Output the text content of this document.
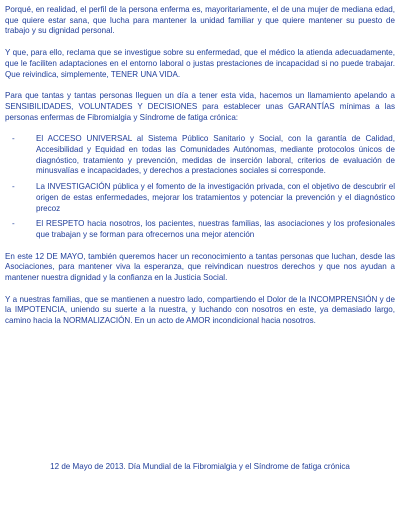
Porqué, en realidad, el perfil de la persona enferma es, mayoritariamente, el de una mujer de mediana edad, que quiere estar sana, que lucha para mantener la unidad familiar y que quiere mantener su puesto de trabajo y su dignidad personal.

Y que, para ello, reclama que se investigue sobre su enfermedad, que el médico la atienda adecuadamente, que le faciliten adaptaciones en el entorno laboral o justas prestaciones de incapacidad si no puede trabajar. Que reivindica, simplemente, TENER UNA VIDA.

Para que tantas y tantas personas lleguen un día a tener esta vida, hacemos un llamamiento apelando a SENSIBILIDADES, VOLUNTADES Y DECISIONES para establecer unas GARANTÍAS mínimas a las personas enfermas de Fibromialgia y Síndrome de fatiga crónica:

-	El ACCESO UNIVERSAL al Sistema Público Sanitario y Social, con la garantía de Calidad, Accesibilidad y Equidad en todas las Comunidades Autónomas, mediante protocolos únicos de diagnóstico, tratamiento y prevención, medidas de inserción laboral, criterios de evaluación de minusvalías e incapacidades, y derechos a prestaciones sociales si corresponde.
-	La INVESTIGACIÓN pública y el fomento de la investigación privada, con el objetivo de descubrir el origen de estas enfermedades, mejorar los tratamientos y potenciar la prevención y el diagnóstico precoz
-	El RESPETO hacia nosotros, los pacientes, nuestras familias, las asociaciones y los profesionales que trabajan y se forman para ofrecernos una mejor atención

En este 12 DE MAYO, también queremos hacer un reconocimiento a tantas personas que luchan, desde las Asociaciones, para mantener viva la esperanza, que reivindican nuestros derechos y que nos ayudan a mantener nuestra dignidad y la confianza en la Justicia Social.

Y a nuestras familias, que se mantienen a nuestro lado, compartiendo el Dolor de la INCOMPRENSIÓN y de la IMPOTENCIA, uniendo su suerte a la nuestra, y luchando con nosotros en este, ya demasiado largo, camino hacia la NORMALIZACIÓN. En un acto de AMOR incondicional hacia nosotros.

12 de Mayo de 2013. Día Mundial de la Fibromialgia y el Síndrome de fatiga crónica
